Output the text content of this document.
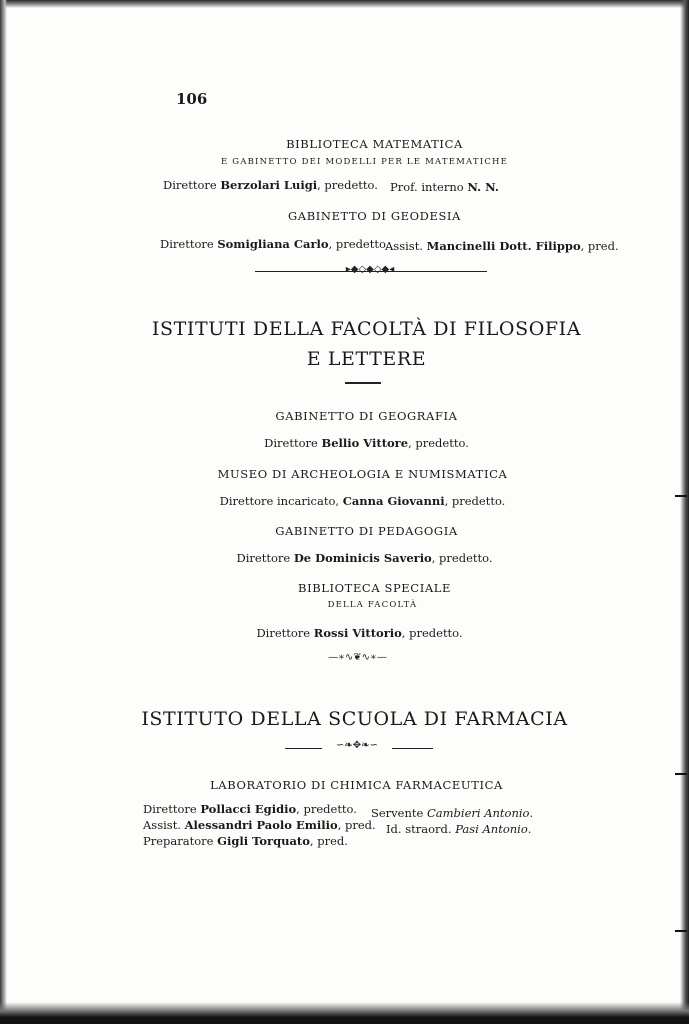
106
BIBLIOTECA MATEMATICA
E GABINETTO DEI MODELLI PER LE MATEMATICHE
Direttore Berzolari Luigi, predetto. Prof. interno N. N.
GABINETTO DI GEODESIA
Direttore Somigliana Carlo, predetto.
Assist. Mancinelli Dott. Filippo, pred.
▸◆◇◆◇◆◂
ISTITUTI DELLA FACOLTÀ DI FILOSOFIA
E LETTERE
GABINETTO DI GEOGRAFIA
Direttore Bellio Vittore, predetto.
MUSEO DI ARCHEOLOGIA E NUMISMATICA
Direttore incaricato, Canna Giovanni, predetto.
GABINETTO DI PEDAGOGIA
Direttore De Dominicis Saverio, predetto.
BIBLIOTECA SPECIALE
DELLA FACOLTÀ
Direttore Rossi Vittorio, predetto.
—∗∿❦∿∗—
ISTITUTO DELLA SCUOLA DI FARMACIA
∽❧✥❧∽
LABORATORIO DI CHIMICA FARMACEUTICA
Direttore Pollacci Egidio, predetto.
Assist. Alessandri Paolo Emilio, pred.
Preparatore Gigli Torquato, pred.
Servente Cambieri Antonio.
Id. straord. Pasi Antonio.
